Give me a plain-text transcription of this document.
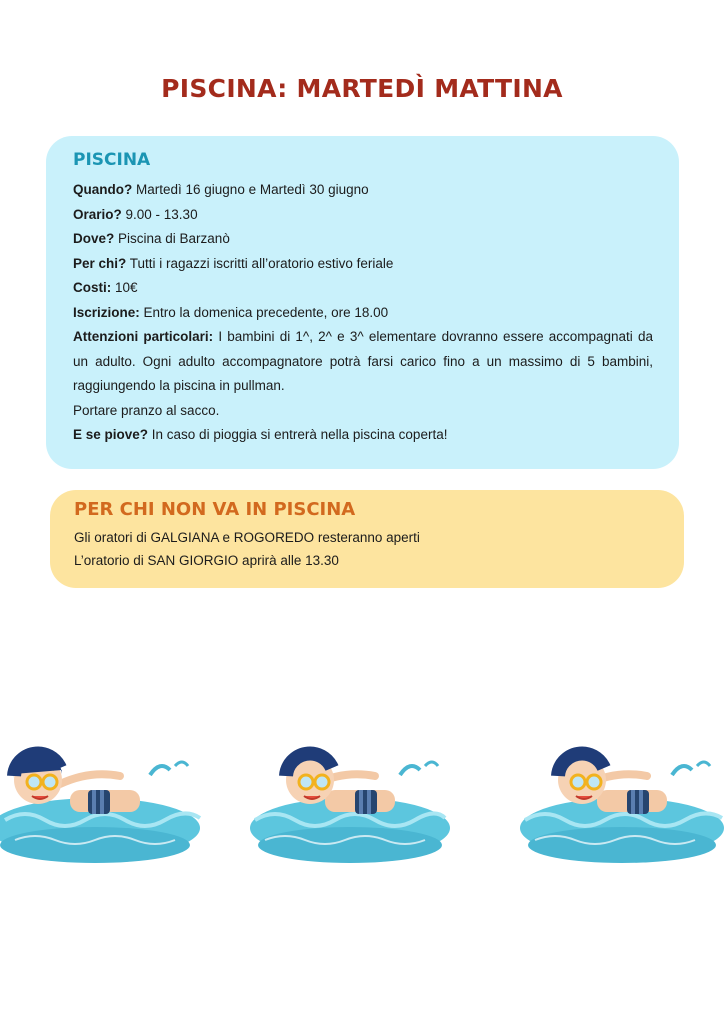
PISCINA: MARTEDÌ MATTINA

PISCINA

Quando? Martedì 16 giugno e Martedì 30 giugno

Orario? 9.00 - 13.30

Dove? Piscina di Barzanò

Per chi? Tutti i ragazzi iscritti all’oratorio estivo feriale

Costi: 10€

Iscrizione: Entro la domenica precedente, ore 18.00

Attenzioni particolari: I bambini di 1^, 2^ e 3^ elementare dovranno essere accompagnati da un adulto. Ogni adulto accompagnatore potrà farsi carico fino a un massimo di 5 bambini, raggiungendo la piscina in pullman.

Portare pranzo al sacco.

E se piove? In caso di pioggia si entrerà nella piscina coperta!

PER CHI NON VA IN PISCINA

Gli oratori di GALGIANA e ROGOREDO resteranno aperti

L’oratorio di SAN GIORGIO aprirà alle 13.30
